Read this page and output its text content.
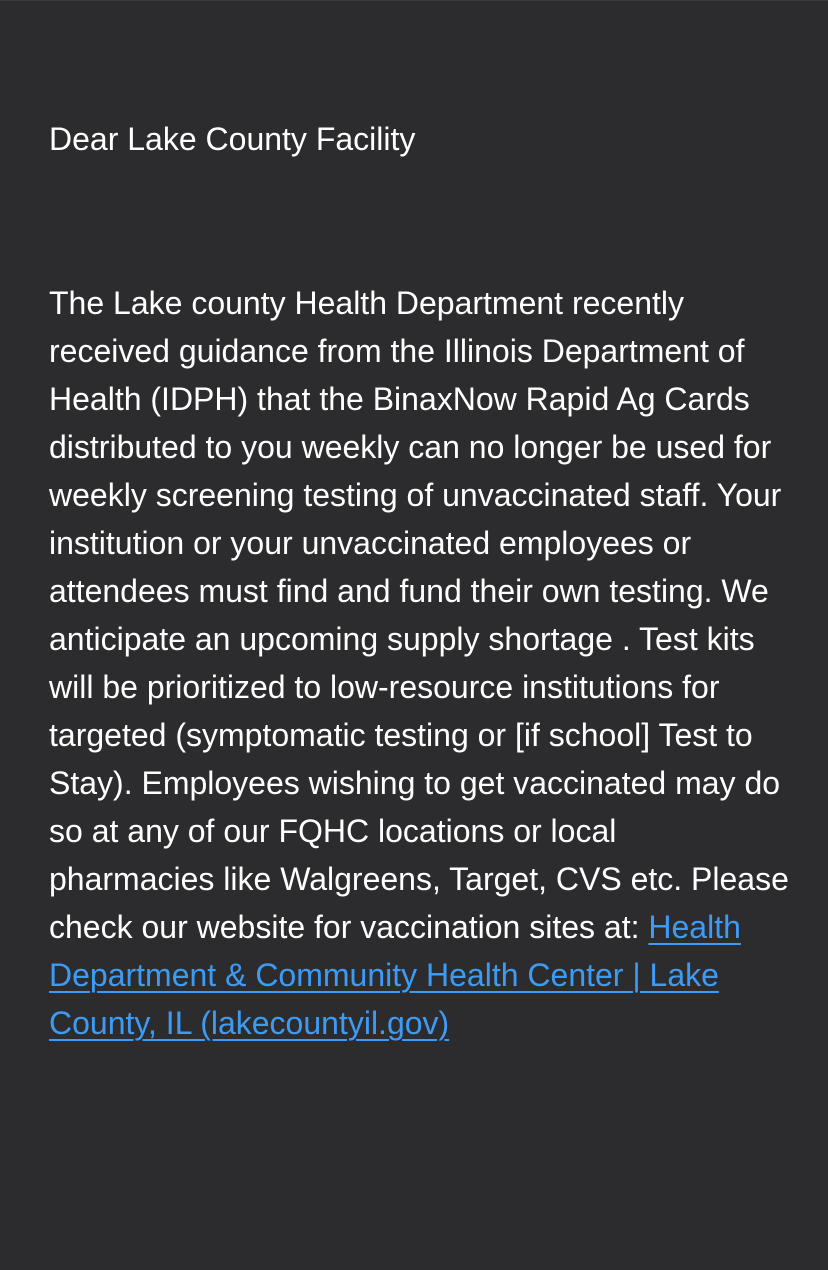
Dear Lake County Facility

The Lake county Health Department recently received guidance from the Illinois Department of Health (IDPH) that the BinaxNow Rapid Ag Cards distributed to you weekly can no longer be used for weekly screening testing of unvaccinated staff. Your institution or your unvaccinated employees or attendees must find and fund their own testing. We anticipate an upcoming supply shortage . Test kits will be prioritized to low-resource institutions for targeted (symptomatic testing or [if school] Test to Stay). Employees wishing to get vaccinated may do so at any of our FQHC locations or local pharmacies like Walgreens, Target, CVS etc. Please check our website for vaccination sites at: Health Department & Community Health Center | Lake County, IL (lakecountyil.gov)
